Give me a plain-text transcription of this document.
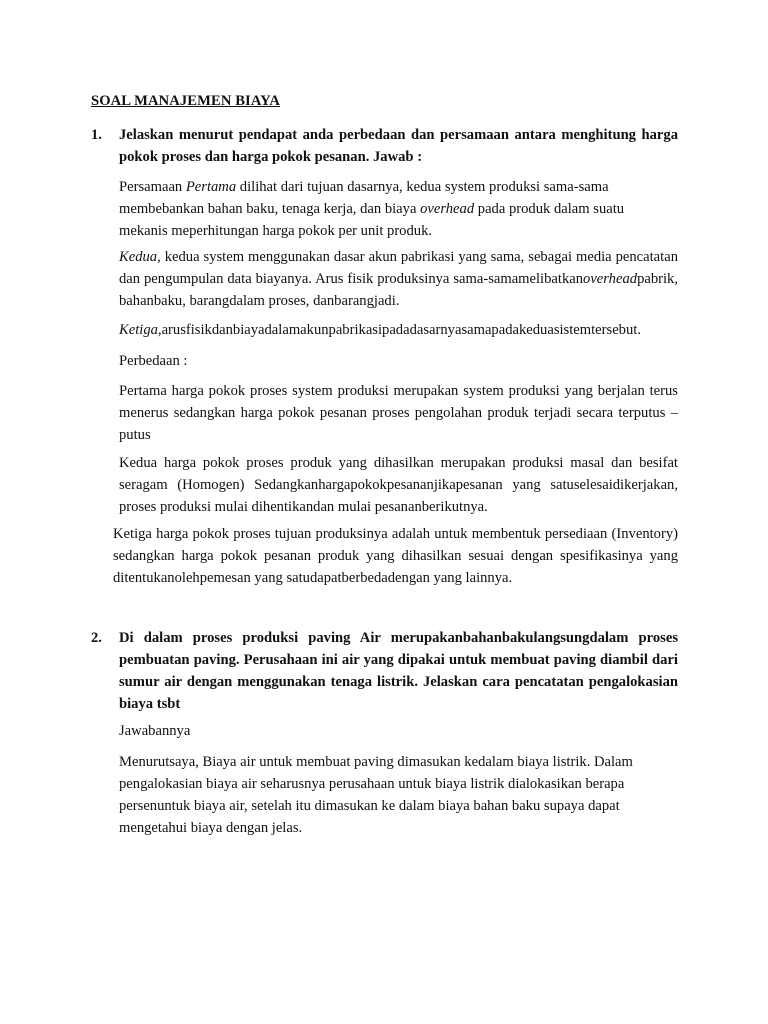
SOAL MANAJEMEN BIAYA
1. Jelaskan menurut pendapat anda perbedaan dan persamaan antara menghitung harga pokok proses dan harga pokok pesanan. Jawab :
Persamaan Pertama dilihat dari tujuan dasarnya, kedua system produksi sama-sama membebankan bahan baku, tenaga kerja, dan biaya overhead pada produk dalam suatu mekanis meperhitungan harga pokok per unit produk.
Kedua, kedua system menggunakan dasar akun pabrikasi yang sama, sebagai media pencatatan dan pengumpulan data biayanya. Arus fisik produksinya sama-samamelibatkanoverheadpabrik, bahanbaku, barangdalam proses, danbarangjadi.
Ketiga,arusfisikdanbiayadalamakunpabrikasipadadasarnyasamapadakeduasistemtersebut.
Perbedaan :
Pertama harga pokok proses system produksi merupakan system produksi yang berjalan terus menerus sedangkan harga pokok pesanan proses pengolahan produk terjadi secara terputus – putus
Kedua harga pokok proses produk yang dihasilkan merupakan produksi masal dan besifat seragam (Homogen) Sedangkanhargapokokpesananjikapesanan yang satuselesaidikerjakan, proses produksi mulai dihentikandan mulai pesananberikutnya.
Ketiga harga pokok proses tujuan produksinya adalah untuk membentuk persediaan (Inventory) sedangkan harga pokok pesanan produk yang dihasilkan sesuai dengan spesifikasinya yang ditentukanolehpemesan yang satudapatberbedadengan yang lainnya.
2. Di dalam proses produksi paving Air merupakanbahanbakulangsungdalam proses pembuatan paving. Perusahaan ini air yang dipakai untuk membuat paving diambil dari sumur air dengan menggunakan tenaga listrik. Jelaskan cara pencatatan pengalokasian biaya tsbt
Jawabannya
Menurutsaya, Biaya air untuk membuat paving dimasukan kedalam biaya listrik. Dalam pengalokasian biaya air seharusnya perusahaan untuk biaya listrik dialokasikan berapa persenuntuk biaya air, setelah itu dimasukan ke dalam biaya bahan baku supaya dapat mengetahui biaya dengan jelas.
